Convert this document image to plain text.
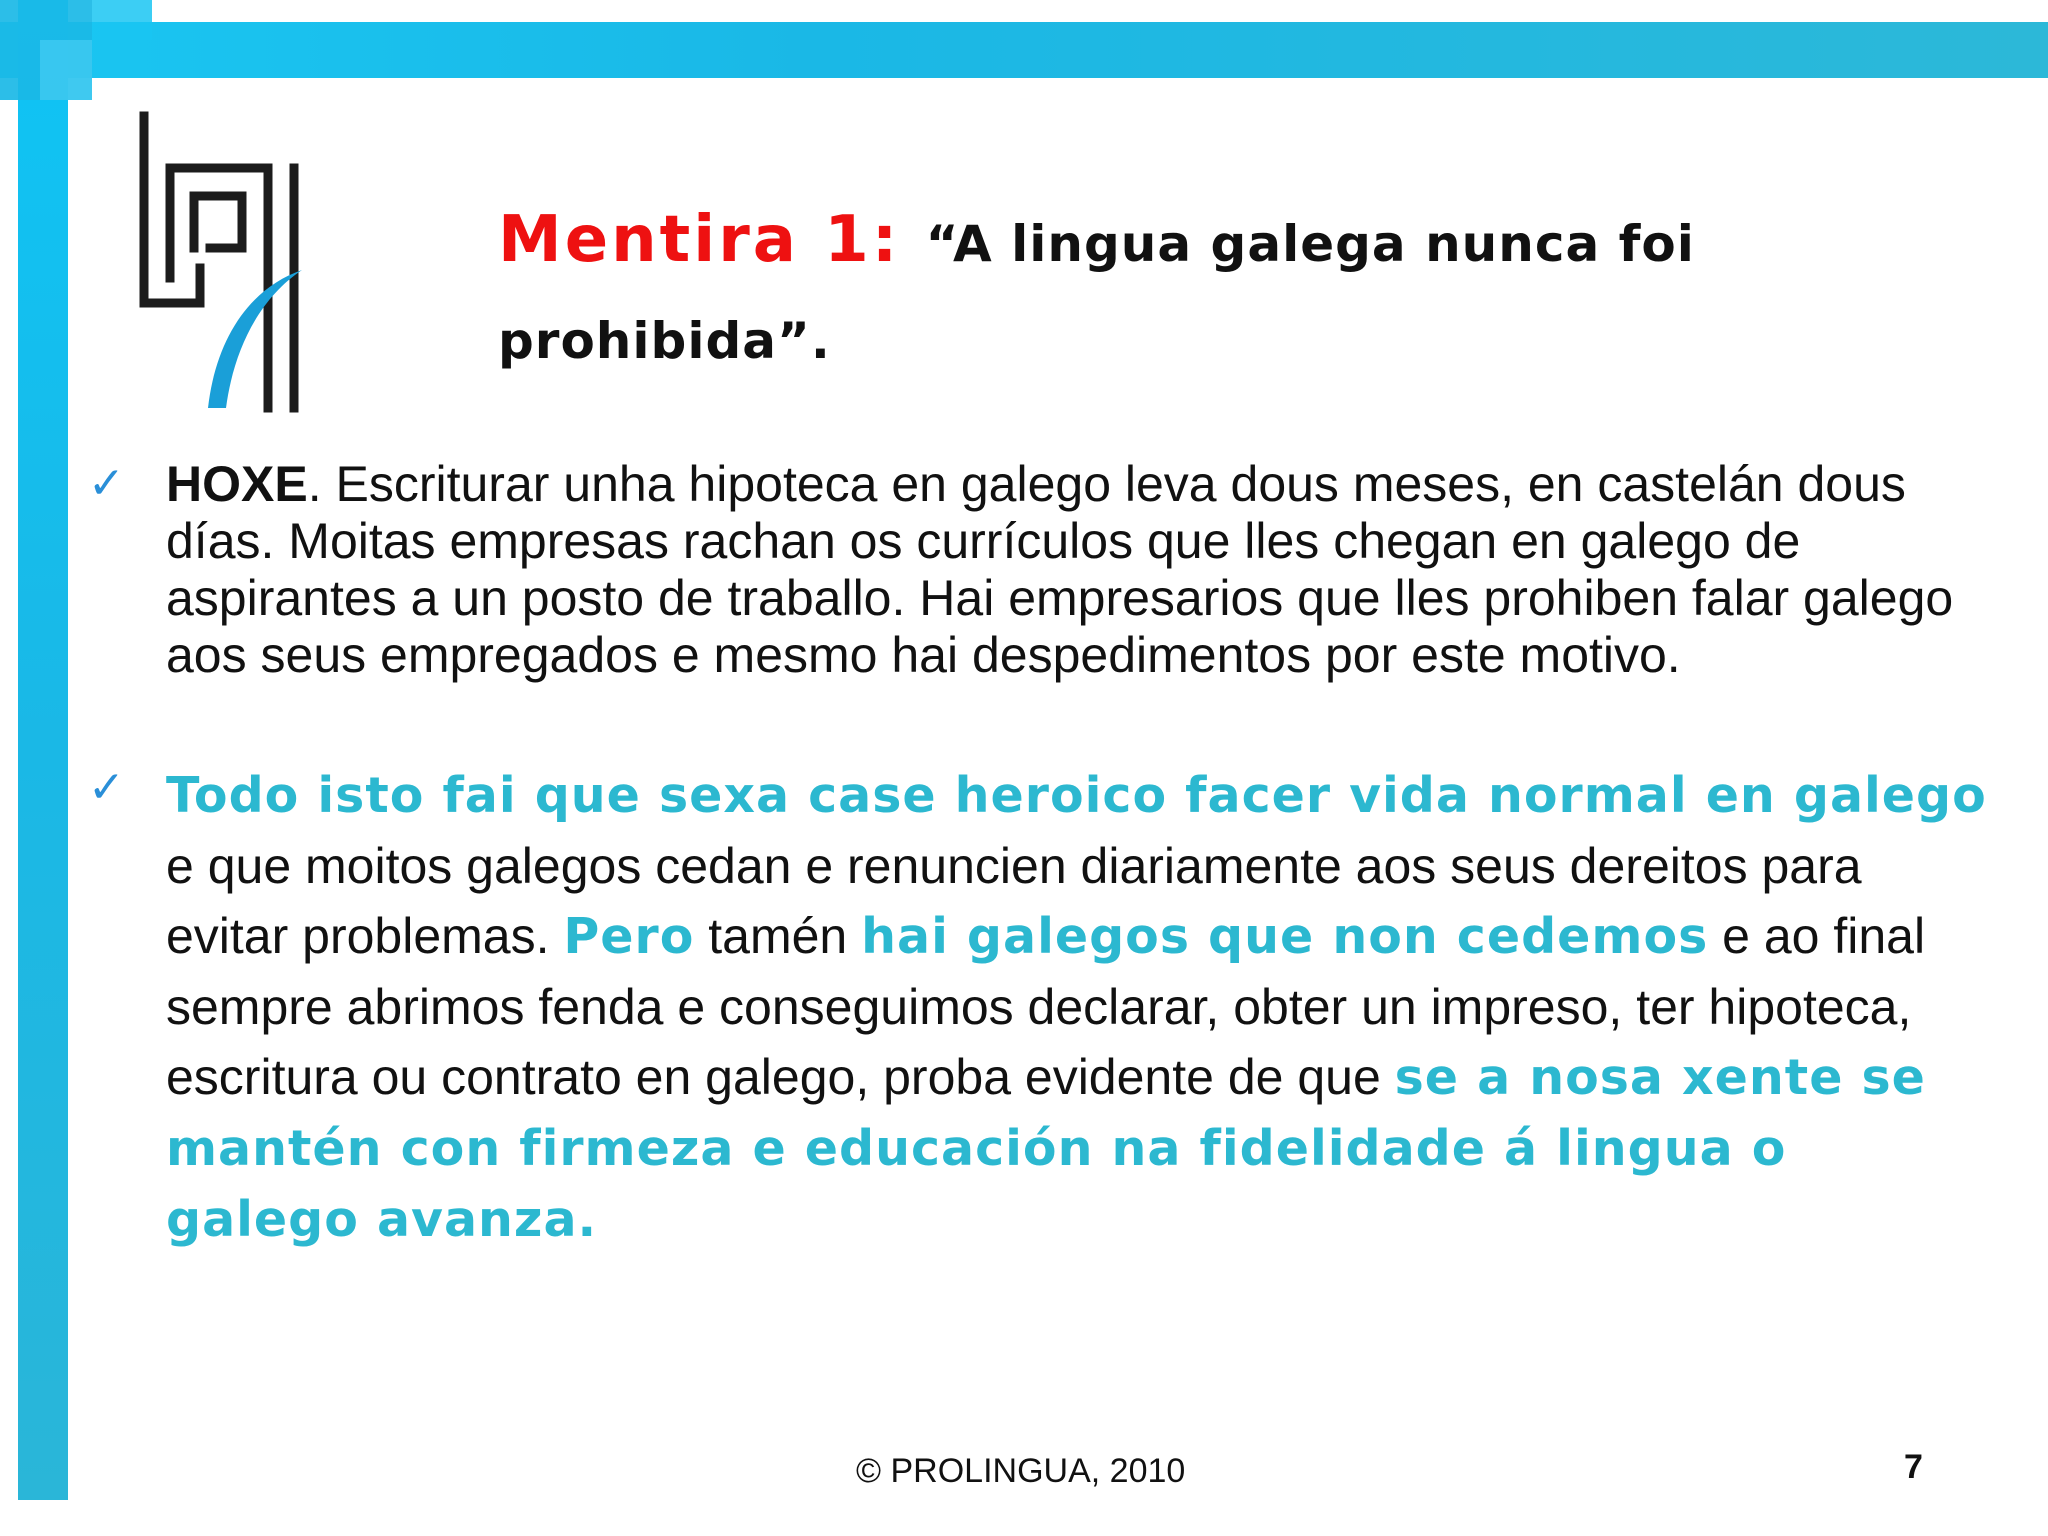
Mentira 1: “A lingua galega nunca foi prohibida”.
✓ HOXE. Escriturar unha hipoteca en galego leva dous meses, en castelán dous días. Moitas empresas rachan os currículos que lles chegan en galego de aspirantes a un posto de traballo. Hai empresarios que lles prohiben falar galego aos seus empregados e mesmo hai despedimentos por este motivo.
✓ Todo isto fai que sexa case heroico facer vida normal en galego e que moitos galegos cedan e renuncien diariamente aos seus dereitos para evitar problemas. Pero tamén hai galegos que non cedemos e ao final sempre abrimos fenda e conseguimos declarar, obter un impreso, ter hipoteca, escritura ou contrato en galego, proba evidente de que se a nosa xente se mantén con firmeza e educación na fidelidade á lingua o galego avanza.
© PROLINGUA, 2010	7
